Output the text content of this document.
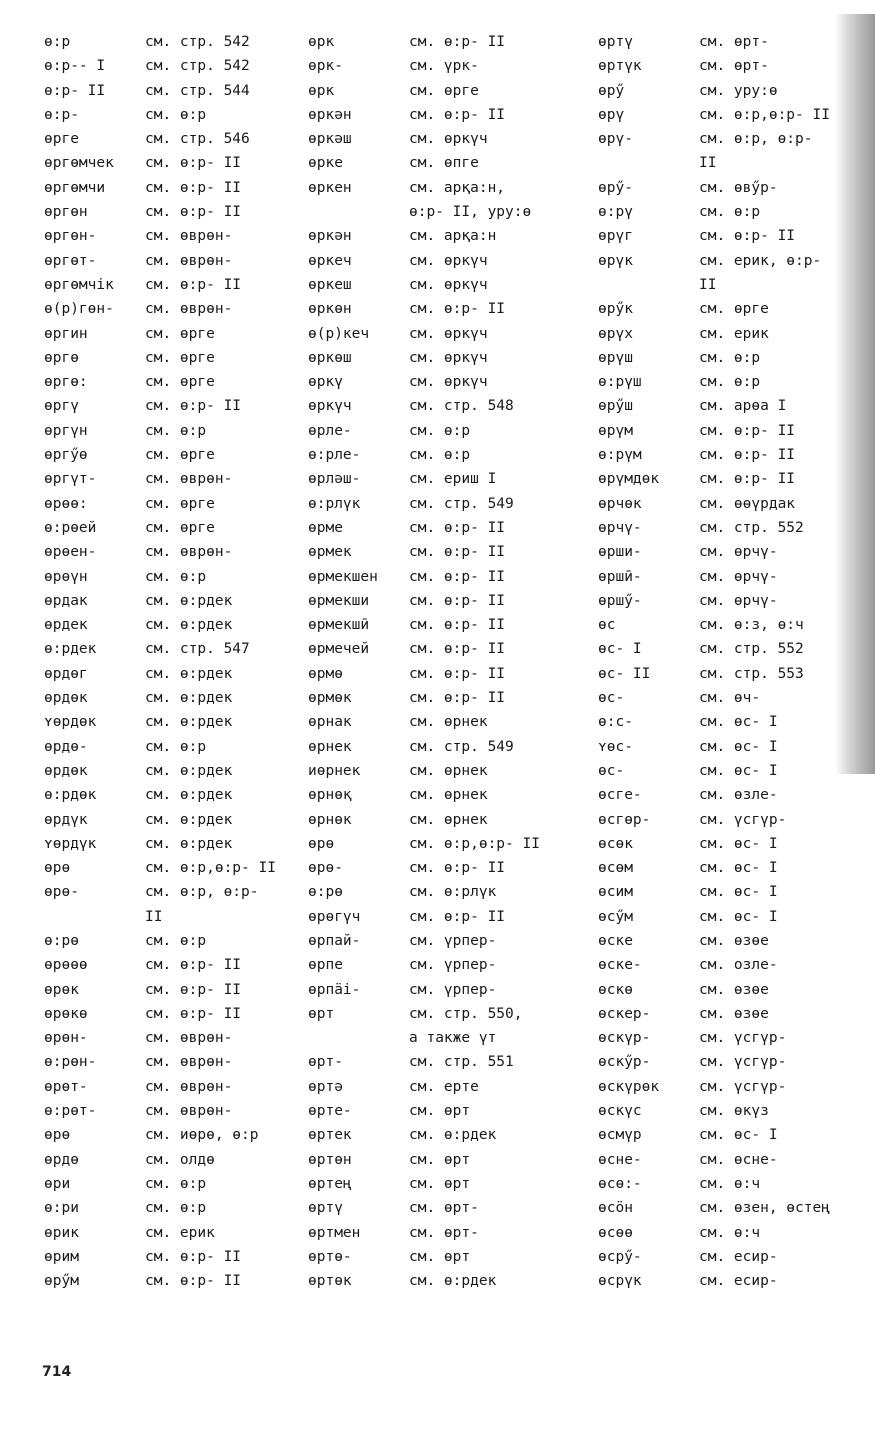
ө:р	см. стр. 542
ө:р-- I	см. стр. 542
ө:р- II	см. стр. 544
ө:р-	см. ө:р
өрге	см. стр. 546
өргөмчек см. ө:р- II
өргөмчи	см. ө:р- II
өргөн	см. ө:р- II
өргөн-	см. өврөн-
өргөт-	см. өврөн-
өргөмчік см. ө:р- II
ө(р)гөн- см. өврөн-
өргин	см. өрге
өргө	см. өрге
өргө:	см. өрге
өргү	см. ө:р- II
өргүн	см. ө:р
өргӳө	см. өрге
өргүт-	см. өврөн-
өрөө:	см. өрге
ө:рөей	см. өрге
өрөен-	см. өврөн-
өрөүн	см. ө:р
өрдак	см. ө:рдек
өрдек	см. ө:рдек
ө:рдек	см. стр. 547
өрдөг	см. ө:рдек
өрдөк	см. ө:рдек
ʏөрдөк	см. ө:рдек
өрдө-	см. ө:р
өрдөк	см. ө:рдек
ө:рдөк	см. ө:рдек
өрдүк	см. ө:рдек
ʏөрдүк	см. ө:рдек
өрө	см. ө:р,ө:р- II
өрө-	см. ө:р, ө:р-
II
ө:рө	см. ө:р
өрөөө	см. ө:р- II
өрөк	см. ө:р- II
өрөкө	см. ө:р- II
өрөн-	см. өврөн-
ө:рөн-	см. өврөн-
өрөт-	см. өврөн-
ө:рөт-	см. өврөн-
өрө	см. иөрө, ө:р
өрдө	см. олдө
өри	см. ө:р
ө:ри	см. ө:р
өрик	см. ерик
өрим	см. ө:р- II
өрӳм	см. ө:р- II
өрк	см. ө:р- II
өрк-	см. үрк-
өрк	см. өрге
өркән	см. ө:р- II
өркәш	см. өркүч
өрке	см. өпге
өркен	см. арқа:н,
ө:р- II, уру:ө
өркән	см. арқа:н
өркеч	см. өркүч
өркеш	см. өркүч
өркөн	см. ө:р- II
ө(р)кеч	см. өркүч
өркөш	см. өркүч
өркү	см. өркүч
өркүч	см. стр. 548
өрле-	см. ө:р
ө:рле-	см. ө:р
өрләш-	см. ериш I
ө:рлүк	см. стр. 549
өрме	см. ө:р- II
өрмек	см. ө:р- II
өрмекшен см. ө:р- II
өрмекши	см. ө:р- II
өрмекшӣ	см. ө:р- II
өрмечей	см. ө:р- II
өрмө	см. ө:р- II
өрмөк	см. ө:р- II
өрнак	см. өрнек
өрнек	см. стр. 549
иөрнек	см. өрнек
өрнөқ	см. өрнек
өрнөк	см. өрнек
өрө	см. ө:р,ө:р- II
өрө-	см. ө:р- II
ө:рө	см. ө:рлүк
өрөгүч	см. ө:р- II
өрпай-	см. үрпер-
өрпе	см. үрпер-
өрпӓі-	см. үрпер-
өрт	см. стр. 550,
а также үт
өрт-	см. стр. 551
өртә	см. ерте
өрте-	см. өрт
өртек	см. ө:рдек
өртөн	см. өрт
өртең	см. өрт
өртү	см. өрт-
өртмен	см. өрт-
өртө-	см. өрт
өртөк	см. ө:рдек
өртү	см. өрт-
өртүк	см. өрт-
өрӳ	см. уру:ө
өрү	см. ө:р,ө:р- II
өрү-	см. ө:р, ө:р-
II
өрӳ-	см. өвӳр-
ө:рү	см. ө:р
өрүг	см. ө:р- II
өрүк	см. ерик, ө:р-
II
өрӳк	см. өрге
өрүх	см. ерик
өрүш	см. ө:р
ө:рүш	см. ө:р
өрӳш	см. арөа I
өрүм	см. ө:р- II
ө:рүм	см. ө:р- II
өрүмдөк	см. ө:р- II
өрчөк	см. өөүрдак
өрчү-	см. стр. 552
өрши-	см. өрчү-
өршӣ-	см. өрчү-
өршӳ-	см. өрчү-
өс	см. ө:з, ө:ч
өс- I	см. стр. 552
өс- II	см. стр. 553
өс-	см. өч-
ө:с-	см. өс- I
ʏөс-	см. өс- I
өс-	см. өс- I
өсге-	см. өзле-
өсгөр-	см. үсгүр-
өсөк	см. өс- I
өсөм	см. өс- I
өсим	см. өс- I
өсӳм	см. өс- I
өске	см. өзөе
өске-	см. озле-
өскө	см. өзөе
өскер-	см. өзөе
өскүр-	см. үсгүр-
өскӳр-	см. үсгүр-
өскүрөк	см. үсгүр-
өскүс	см. өкүз
өсмүр	см. өс- I
өсне-	см. өсне-
өсө:-	см. ө:ч
өсӧн	см. өзен, өстең
өсөө	см. ө:ч
өсрӳ-	см. есир-
өсрүк	см. есир-
714
